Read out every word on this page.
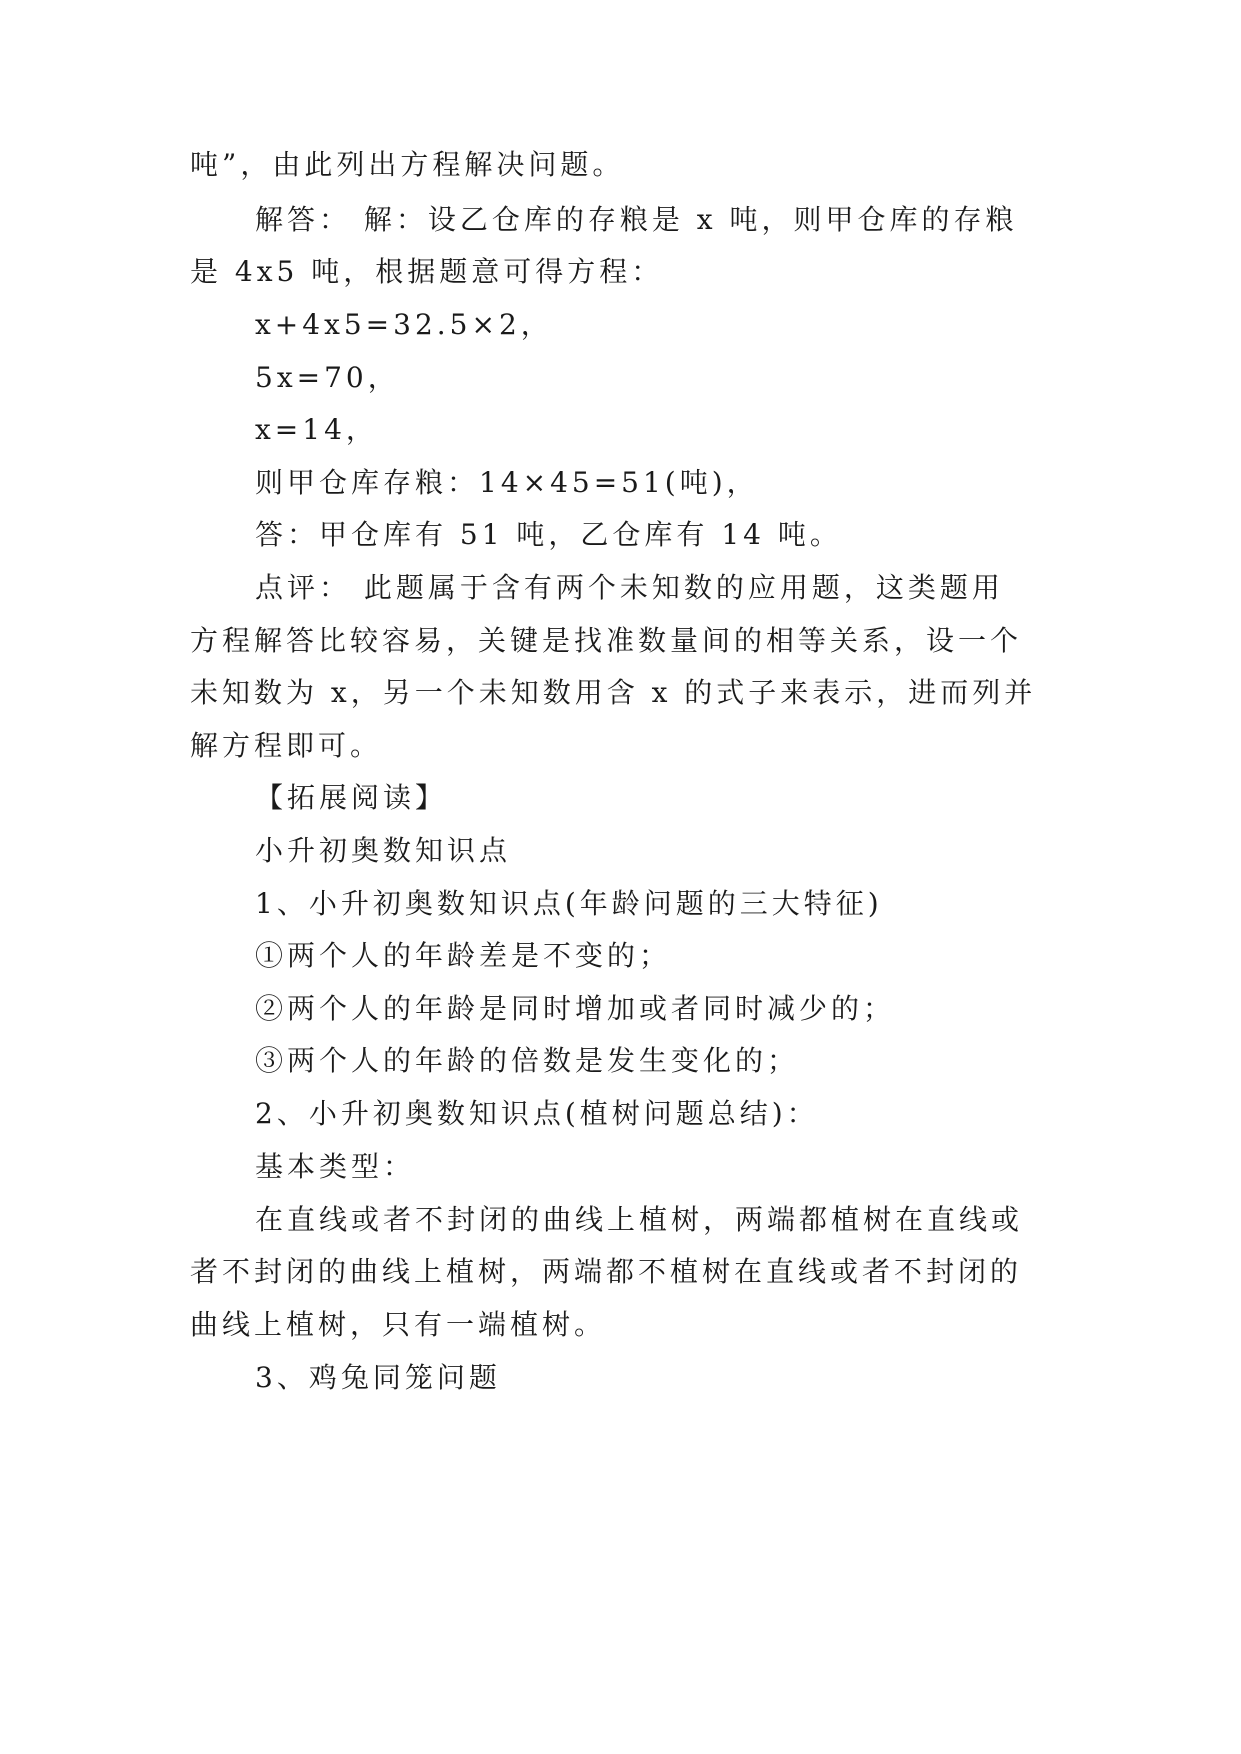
吨”，由此列出方程解决问题。
解答： 解：设乙仓库的存粮是 x 吨，则甲仓库的存粮
是 4x5 吨，根据题意可得方程：
x+4x5=32.5×2，
5x=70，
x=14，
则甲仓库存粮：14×45=51(吨)，
答：甲仓库有 51 吨，乙仓库有 14 吨。
点评： 此题属于含有两个未知数的应用题，这类题用
方程解答比较容易，关键是找准数量间的相等关系，设一个
未知数为 x，另一个未知数用含 x 的式子来表示，进而列并
解方程即可。
【拓展阅读】
小升初奥数知识点
1、小升初奥数知识点(年龄问题的三大特征)
①两个人的年龄差是不变的；
②两个人的年龄是同时增加或者同时减少的；
③两个人的年龄的倍数是发生变化的；
2、小升初奥数知识点(植树问题总结)：
基本类型：
在直线或者不封闭的曲线上植树，两端都植树在直线或
者不封闭的曲线上植树，两端都不植树在直线或者不封闭的
曲线上植树，只有一端植树。
3、鸡兔同笼问题
